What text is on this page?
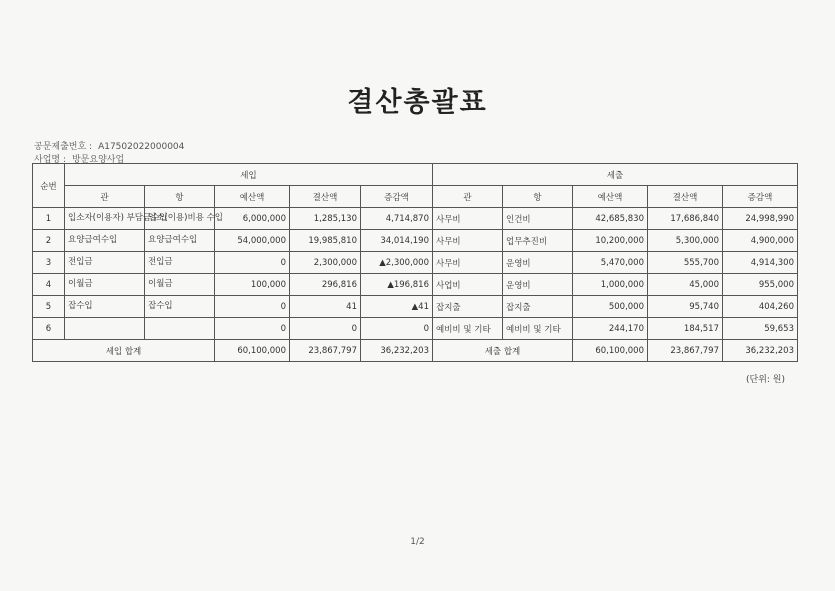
결산총괄표
공문제출번호 : A17502022000004
사업명 : 방문요양사업
순번	세입					세출				
	관	항	예산액	결산액	증감액	관	항	예산액	결산액	증감액
1	입소자(이용자) 부담금수입	입소(이용)비용 수입	6,000,000	1,285,130	4,714,870	사무비	인건비	42,685,830	17,686,840	24,998,990
2	요양급여수입	요양급여수입	54,000,000	19,985,810	34,014,190	사무비	업무추진비	10,200,000	5,300,000	4,900,000
3	전입금	전입금	0	2,300,000	▲2,300,000	사무비	운영비	5,470,000	555,700	4,914,300
4	이월금	이월금	100,000	296,816	▲196,816	사업비	운영비	1,000,000	45,000	955,000
5	잡수입	잡수입	0	41	▲41	잡지출	잡지출	500,000	95,740	404,260
6			0	0	0	예비비 및 기타	예비비 및 기타	244,170	184,517	59,653
세입 합계			60,100,000	23,867,797	36,232,203	세출 합계		60,100,000	23,867,797	36,232,203
(단위: 원)
1/2
